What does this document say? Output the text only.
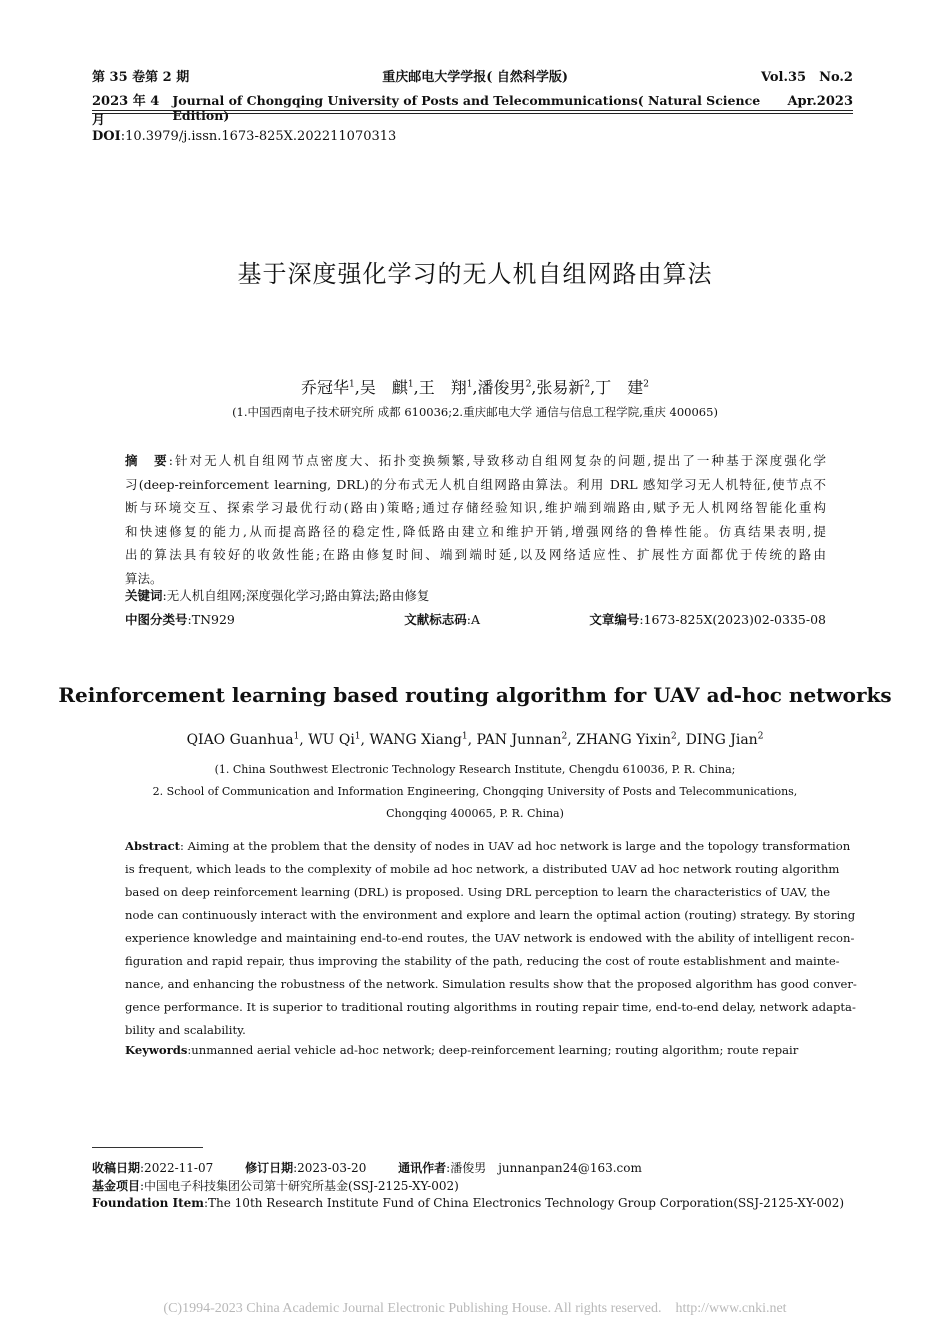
第 35 卷第 2 期	重庆邮电大学学报( 自然科学版)	Vol.35　No.2
2023 年 4 月
Journal of Chongqing University of Posts and Telecommunications( Natural Science Edition)
Apr.2023
DOI:10.3979/j.issn.1673-825X.202211070313
基于深度强化学习的无人机自组网路由算法
乔冠华$^1$,吴　麒$^1$,王　翔$^1$,潘俊男$^2$,张易新$^2$,丁　建$^2$
(1.中国西南电子技术研究所 成都 610036;2.重庆邮电大学 通信与信息工程学院,重庆 400065)
摘　要:针对无人机自组网节点密度大、拓扑变换频繁,导致移动自组网复杂的问题,提出了一种基于深度强化学
习(deep-reinforcement learning, DRL)的分布式无人机自组网路由算法。利用 DRL 感知学习无人机特征,使节点不
断与环境交互、探索学习最优行动(路由)策略;通过存储经验知识,维护端到端路由,赋予无人机网络智能化重构
和快速修复的能力,从而提高路径的稳定性,降低路由建立和维护开销,增强网络的鲁棒性能。仿真结果表明,提
出的算法具有较好的收敛性能;在路由修复时间、端到端时延,以及网络适应性、扩展性方面都优于传统的路由
算法。
关键词:无人机自组网;深度强化学习;路由算法;路由修复
中图分类号:TN929	文献标志码:A	文章编号:1673-825X(2023)02-0335-08
Reinforcement learning based routing algorithm for UAV ad-hoc networks
QIAO Guanhua$^1$, WU Qi$^1$, WANG Xiang$^1$, PAN Junnan$^2$, ZHANG Yixin$^2$, DING Jian$^2$
(1. China Southwest Electronic Technology Research Institute, Chengdu 610036, P. R. China;
2. School of Communication and Information Engineering, Chongqing University of Posts and Telecommunications,
Chongqing 400065, P. R. China)
Abstract: Aiming at the problem that the density of nodes in UAV ad hoc network is large and the topology transformation
is frequent, which leads to the complexity of mobile ad hoc network, a distributed UAV ad hoc network routing algorithm
based on deep reinforcement learning (DRL) is proposed. Using DRL perception to learn the characteristics of UAV, the
node can continuously interact with the environment and explore and learn the optimal action (routing) strategy. By storing
experience knowledge and maintaining end-to-end routes, the UAV network is endowed with the ability of intelligent recon-
figuration and rapid repair, thus improving the stability of the path, reducing the cost of route establishment and mainte-
nance, and enhancing the robustness of the network. Simulation results show that the proposed algorithm has good conver-
gence performance. It is superior to traditional routing algorithms in routing repair time, end-to-end delay, network adapta-
bility and scalability.
Keywords:unmanned aerial vehicle ad-hoc network; deep-reinforcement learning; routing algorithm; route repair
收稿日期:2022-11-07	修订日期:2023-03-20	通讯作者:潘俊男　junnanpan24@163.com
基金项目:中国电子科技集团公司第十研究所基金(SSJ-2125-XY-002)
Foundation Item:The 10th Research Institute Fund of China Electronics Technology Group Corporation(SSJ-2125-XY-002)
(C)1994-2023 China Academic Journal Electronic Publishing House. All rights reserved.　http://www.cnki.net
